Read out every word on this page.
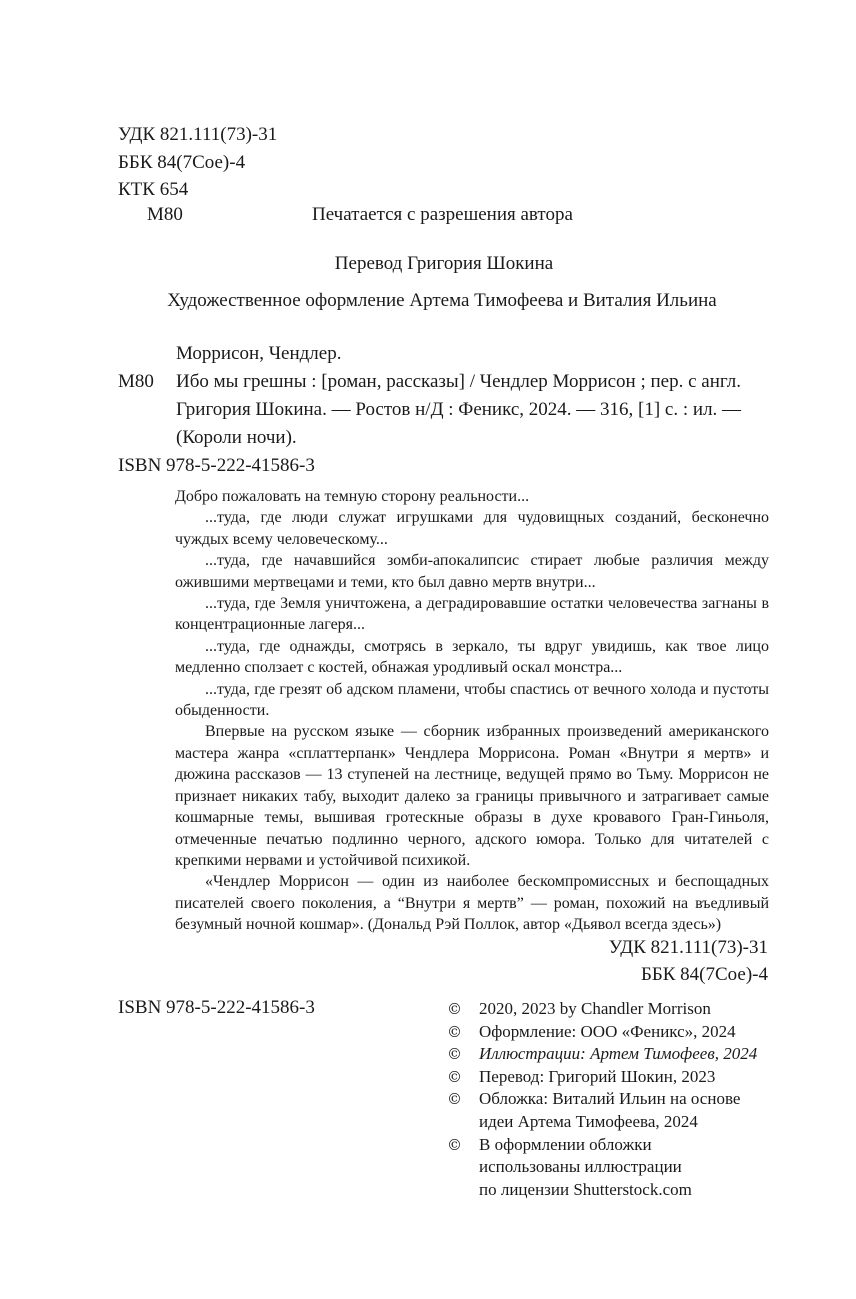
УДК 821.111(73)-31
ББК 84(7Сое)-4
КТК 654
М80	Печатается с разрешения автора
Перевод Григория Шокина
Художественное оформление Артема Тимофеева и Виталия Ильина
Моррисон, Чендлер.
М80 Ибо мы грешны : [роман, рассказы] / Чендлер Моррисон ; пер. с англ.
Григория Шокина. — Ростов н/Д : Феникс, 2024. — 316, [1] с. : ил. —
(Короли ночи).
ISBN 978-5-222-41586-3

Добро пожаловать на темную сторону реальности...

...туда, где люди служат игрушками для чудовищных созданий, бесконечно чуждых всему человеческому...

...туда, где начавшийся зомби-апокалипсис стирает любые различия между ожившими мертвецами и теми, кто был давно мертв внутри...

...туда, где Земля уничтожена, а деградировавшие остатки человечества загнаны в концентрационные лагеря...

...туда, где однажды, смотрясь в зеркало, ты вдруг увидишь, как твое лицо медленно сползает с костей, обнажая уродливый оскал монстра...

...туда, где грезят об адском пламени, чтобы спастись от вечного холода и пустоты обыденности.

Впервые на русском языке — сборник избранных произведений американского мастера жанра «сплаттерпанк» Чендлера Моррисона. Роман «Внутри я мертв» и дюжина рассказов — 13 ступеней на лестнице, ведущей прямо во Тьму. Моррисон не признает никаких табу, выходит далеко за границы привычного и затрагивает самые кошмарные темы, вышивая гротескные образы в духе кровавого Гран-Гиньоля, отмеченные печатью подлинно черного, адского юмора. Только для читателей с крепкими нервами и устойчивой психикой.

«Чендлер Моррисон — один из наиболее бескомпромиссных и беспощадных писателей своего поколения, а “Внутри я мертв” — роман, похожий на въедливый безумный ночной кошмар». (Дональд Рэй Поллок, автор «Дьявол всегда здесь»)

УДК 821.111(73)-31
ББК 84(7Сое)-4
ISBN 978-5-222-41586-3	©	2020, 2023 by Chandler Morrison
©	Оформление: ООО «Феникс», 2024
©	Иллюстрации: Артем Тимофеев, 2024
©	Перевод: Григорий Шокин, 2023
©	Обложка: Виталий Ильин на основе
идеи Артема Тимофеева, 2024
©	В оформлении обложки
использованы иллюстрации
по лицензии Shutterstock.com
